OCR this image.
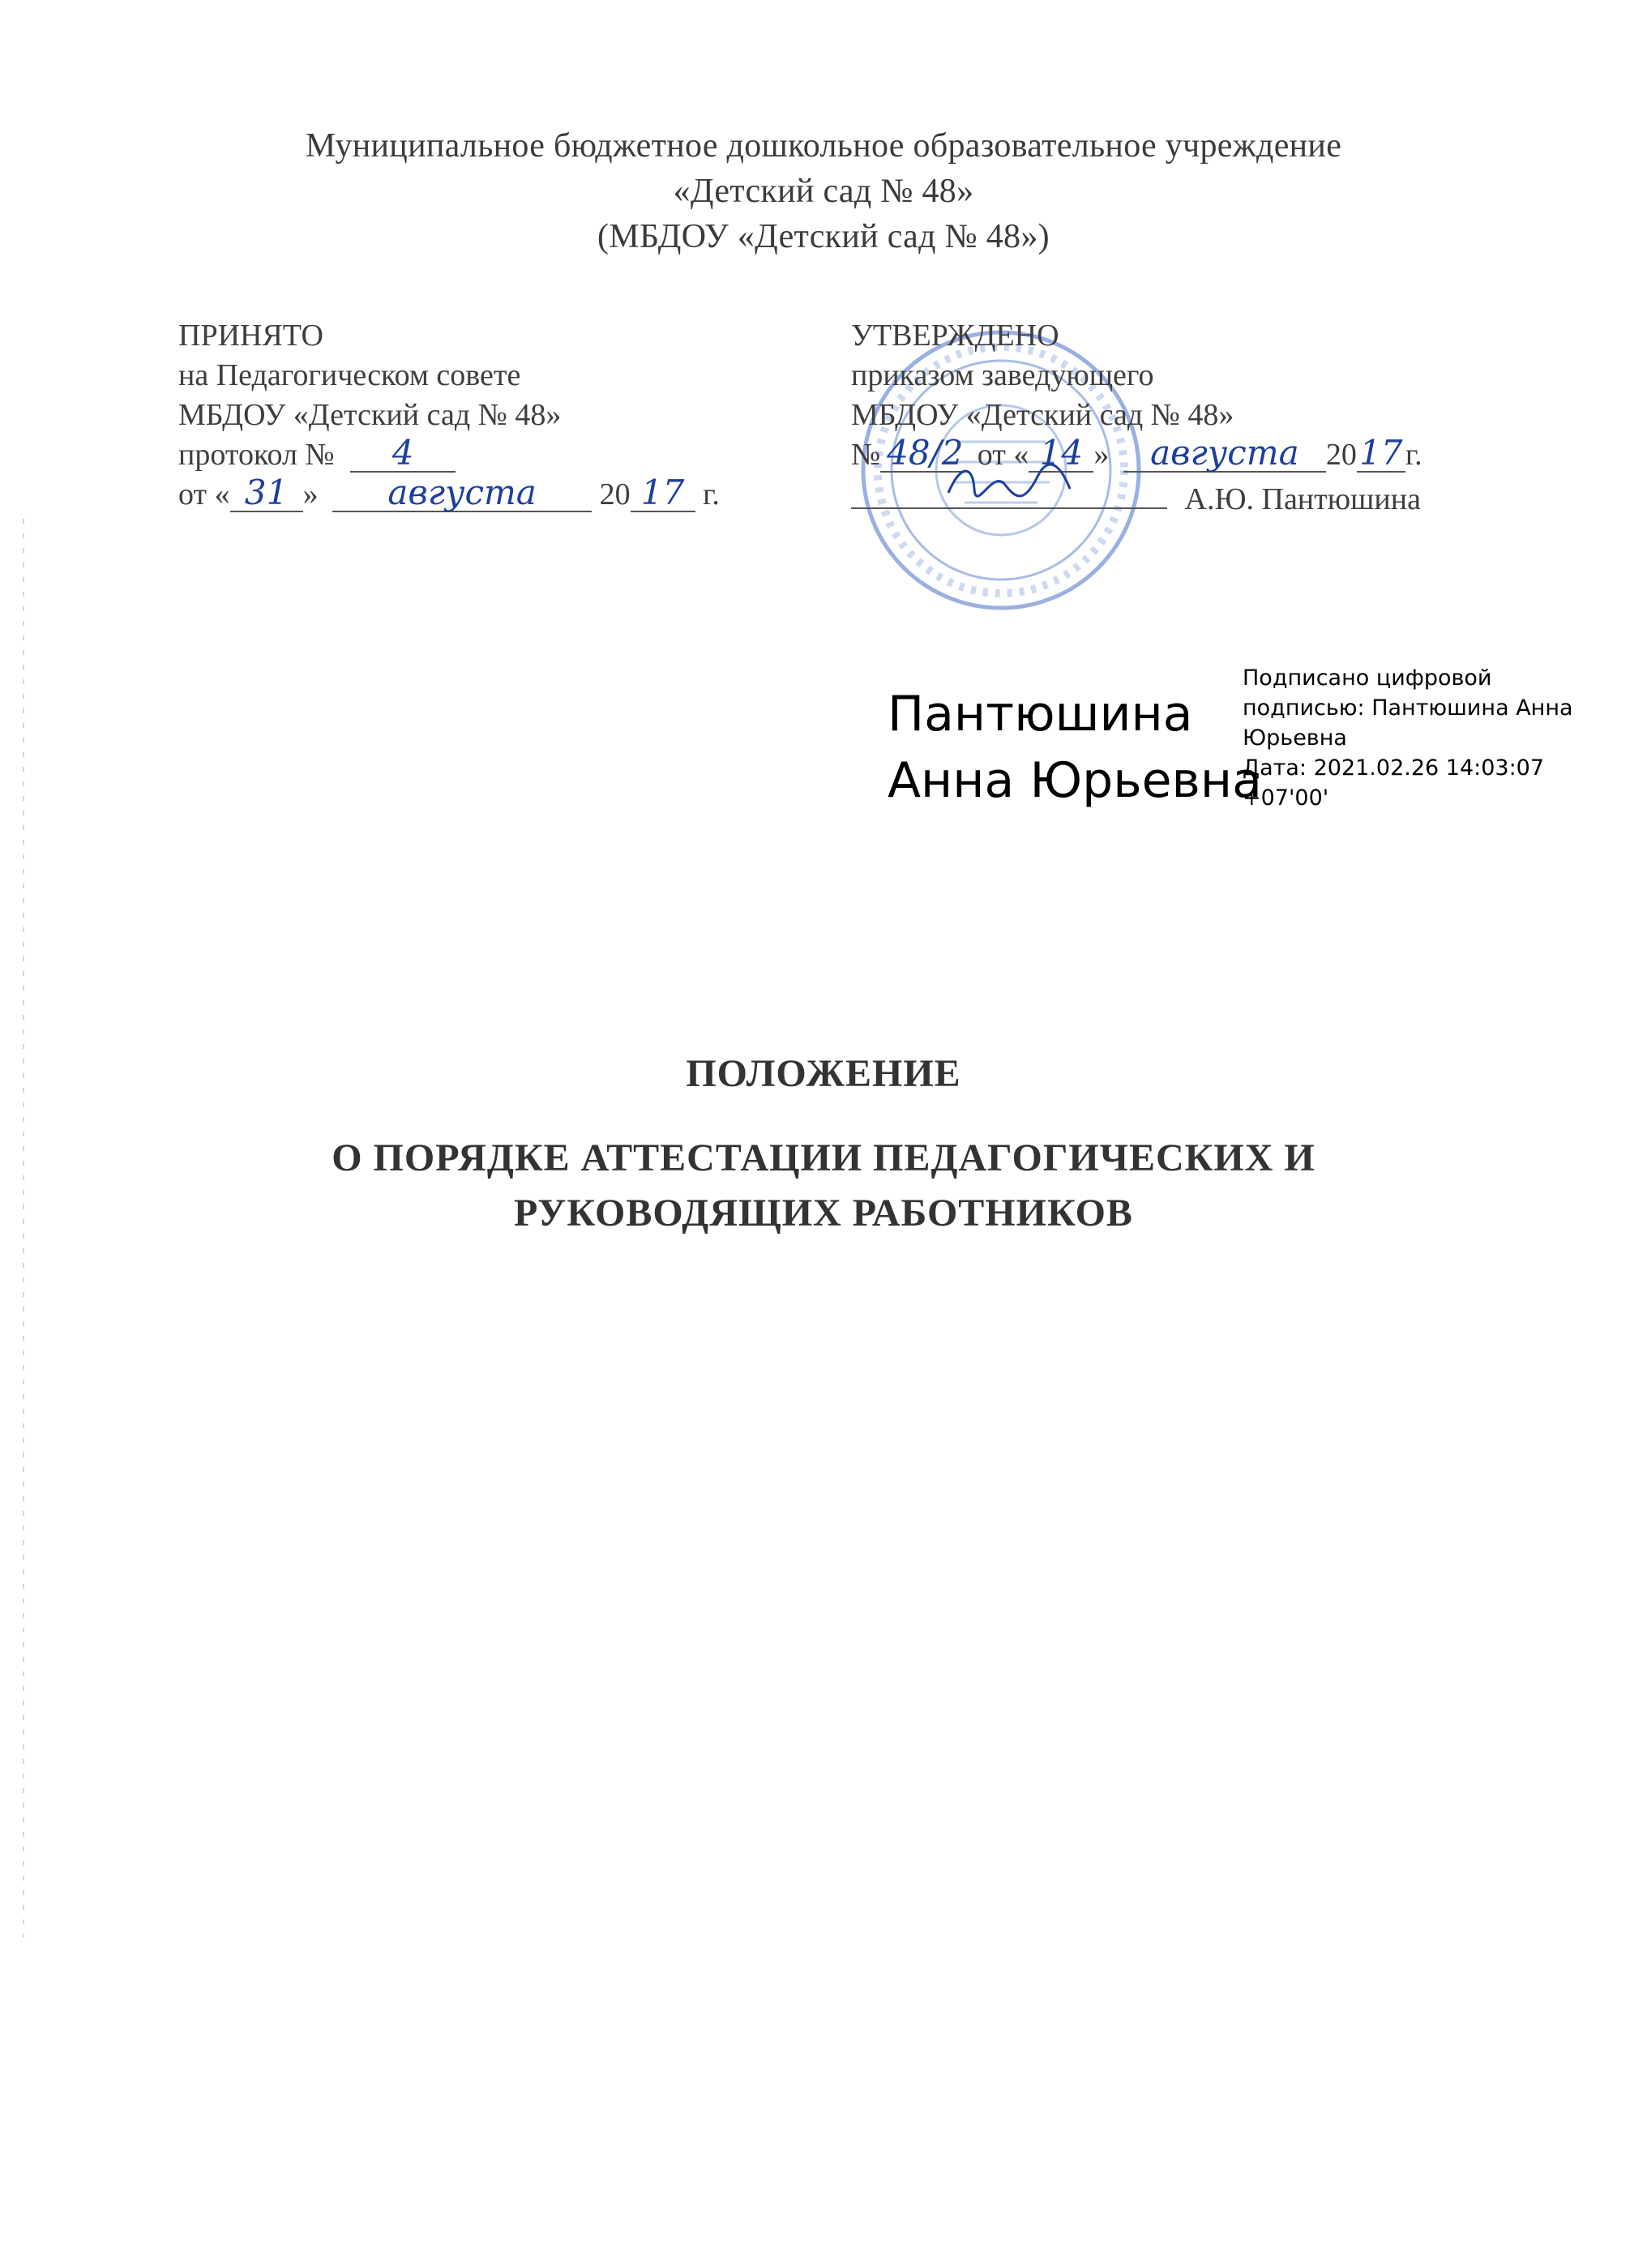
Муниципальное бюджетное дошкольное образовательное учреждение
«Детский сад № 48»
(МБДОУ «Детский сад № 48»)
ПРИНЯТО
на Педагогическом совете
МБДОУ «Детский сад № 48»
протокол № 4
от « 31 » августа 20 17 г.
УТВЕРЖДЕНО
приказом заведующего
МБДОУ «Детский сад № 48»
№ 48/2 от « 14 » августа 2017г.
А.Ю. Пантюшина
Пантюшина
Анна Юрьевна
Подписано цифровой
подписью: Пантюшина Анна
Юрьевна
Дата: 2021.02.26 14:03:07
+07'00'
ПОЛОЖЕНИЕ
О ПОРЯДКЕ АТТЕСТАЦИИ ПЕДАГОГИЧЕСКИХ И
РУКОВОДЯЩИХ РАБОТНИКОВ
